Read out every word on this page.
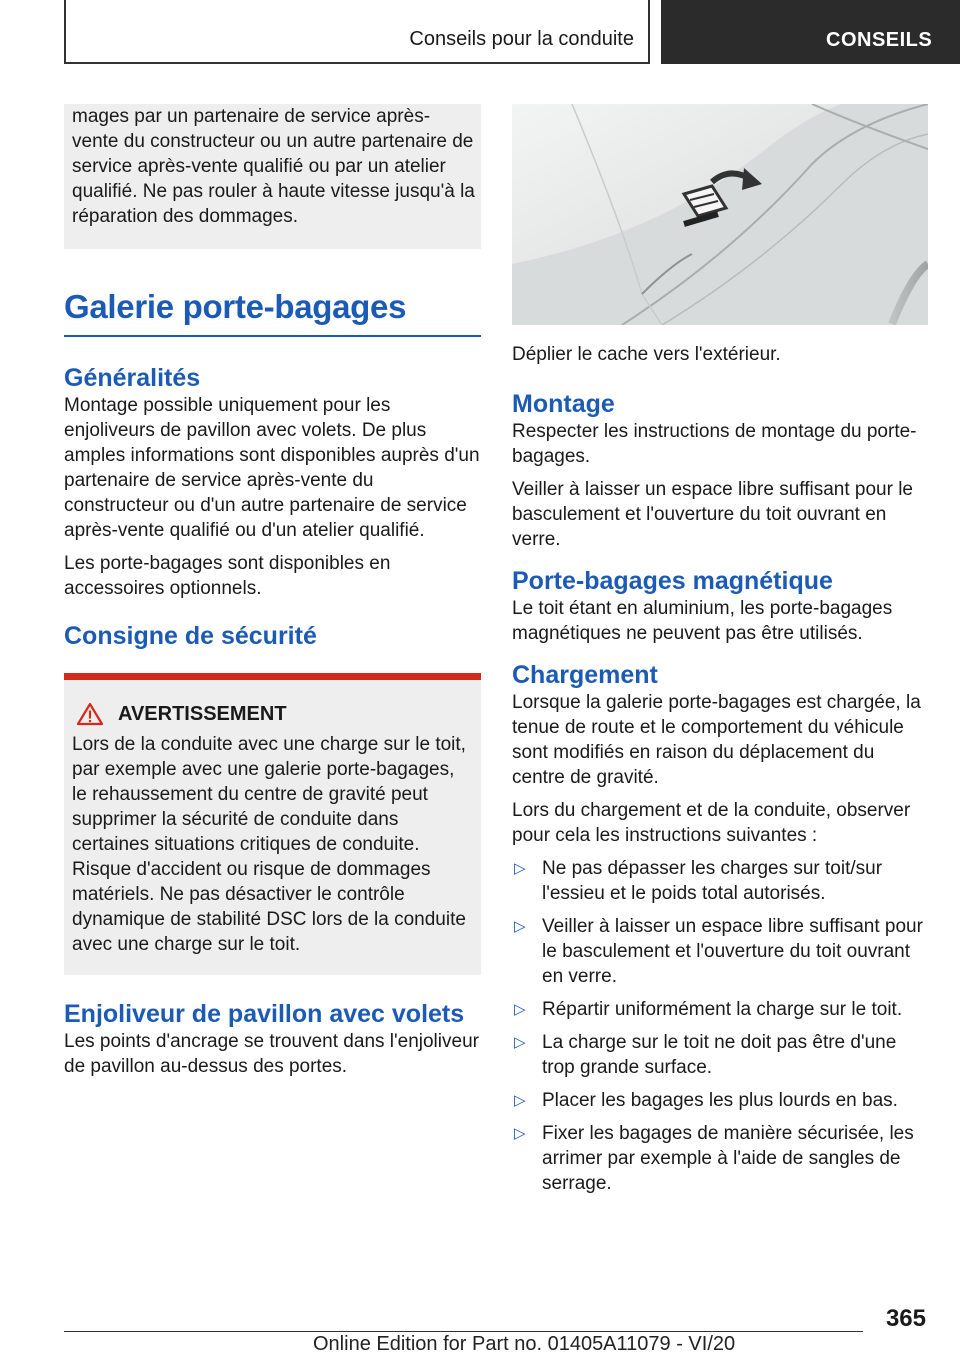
Conseils pour la conduite	CONSEILS

mages par un partenaire de service après-vente du constructeur ou un autre partenaire de service après-vente qualifié ou par un atelier qualifié. Ne pas rouler à haute vitesse jusqu'à la réparation des dommages.

Galerie porte-bagages
Généralités

Montage possible uniquement pour les enjoliveurs de pavillon avec volets. De plus amples informations sont disponibles auprès d'un partenaire de service après-vente du constructeur ou d'un autre partenaire de service après-vente qualifié ou d'un atelier qualifié.

Les porte-bagages sont disponibles en accessoires optionnels.

Consigne de sécurité
AVERTISSEMENT

Lors de la conduite avec une charge sur le toit, par exemple avec une galerie porte-bagages, le rehaussement du centre de gravité peut supprimer la sécurité de conduite dans certaines situations critiques de conduite. Risque d'accident ou risque de dommages matériels. Ne pas désactiver le contrôle dynamique de stabilité DSC lors de la conduite avec une charge sur le toit.

Enjoliveur de pavillon avec volets

Les points d'ancrage se trouvent dans l'enjoliveur de pavillon au-dessus des portes.

Déplier le cache vers l'extérieur.

Montage

Respecter les instructions de montage du porte-bagages.

Veiller à laisser un espace libre suffisant pour le basculement et l'ouverture du toit ouvrant en verre.

Porte-bagages magnétique

Le toit étant en aluminium, les porte-bagages magnétiques ne peuvent pas être utilisés.

Chargement

Lorsque la galerie porte-bagages est chargée, la tenue de route et le comportement du véhicule sont modifiés en raison du déplacement du centre de gravité.

Lors du chargement et de la conduite, observer pour cela les instructions suivantes :

▷ Ne pas dépasser les charges sur toit/sur l'essieu et le poids total autorisés.
▷ Veiller à laisser un espace libre suffisant pour le basculement et l'ouverture du toit ouvrant en verre.
▷ Répartir uniformément la charge sur le toit.
▷ La charge sur le toit ne doit pas être d'une trop grande surface.
▷ Placer les bagages les plus lourds en bas.
▷ Fixer les bagages de manière sécurisée, les arrimer par exemple à l'aide de sangles de serrage.
365
Online Edition for Part no. 01405A11079 - VI/20
